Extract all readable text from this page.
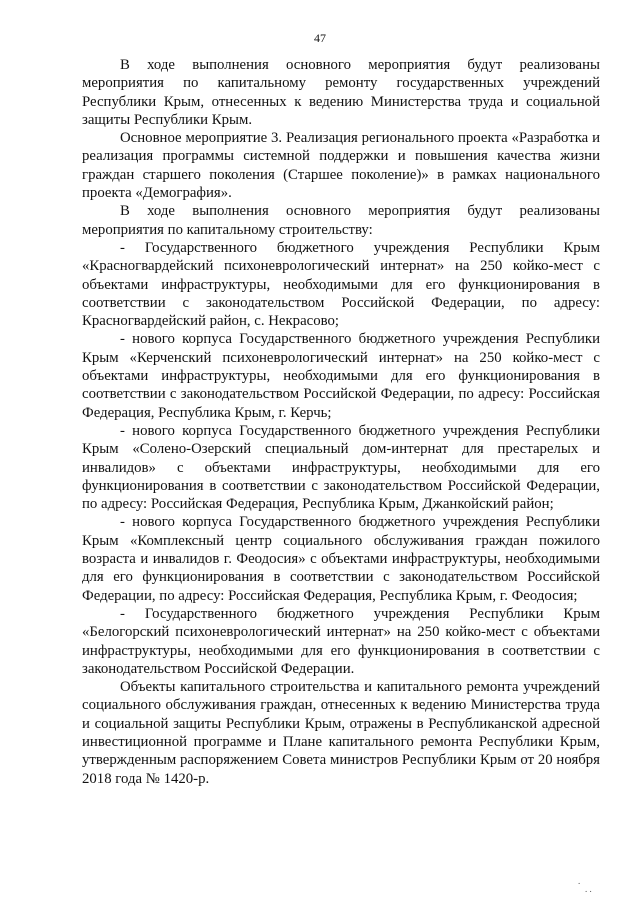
47

В ходе выполнения основного мероприятия будут реализованы мероприятия по капитальному ремонту государственных учреждений Республики Крым, отнесенных к ведению Министерства труда и социальной защиты Республики Крым.

Основное мероприятие 3. Реализация регионального проекта «Разработка и реализация программы системной поддержки и повышения качества жизни граждан старшего поколения (Старшее поколение)» в рамках национального проекта «Демография».

В ходе выполнения основного мероприятия будут реализованы мероприятия по капитальному строительству:

- Государственного бюджетного учреждения Республики Крым «Красногвардейский психоневрологический интернат» на 250 койко-мест с объектами инфраструктуры, необходимыми для его функционирования в соответствии с законодательством Российской Федерации, по адресу: Красногвардейский район, с. Некрасово;

- нового корпуса Государственного бюджетного учреждения Республики Крым «Керченский психоневрологический интернат» на 250 койко-мест с объектами инфраструктуры, необходимыми для его функционирования в соответствии с законодательством Российской Федерации, по адресу: Российская Федерация, Республика Крым, г. Керчь;

- нового корпуса Государственного бюджетного учреждения Республики Крым «Солено-Озерский специальный дом-интернат для престарелых и инвалидов» с объектами инфраструктуры, необходимыми для его функционирования в соответствии с законодательством Российской Федерации, по адресу: Российская Федерация, Республика Крым, Джанкойский район;

- нового корпуса Государственного бюджетного учреждения Республики Крым «Комплексный центр социального обслуживания граждан пожилого возраста и инвалидов г. Феодосия» с объектами инфраструктуры, необходимыми для его функционирования в соответствии с законодательством Российской Федерации, по адресу: Российская Федерация, Республика Крым, г. Феодосия;

- Государственного бюджетного учреждения Республики Крым «Белогорский психоневрологический интернат» на 250 койко-мест с объектами инфраструктуры, необходимыми для его функционирования в соответствии с законодательством Российской Федерации.

Объекты капитального строительства и капитального ремонта учреждений социального обслуживания граждан, отнесенных к ведению Министерства труда и социальной защиты Республики Крым, отражены в Республиканской адресной инвестиционной программе и Плане капитального ремонта Республики Крым, утвержденным распоряжением Совета министров Республики Крым от 20 ноября 2018 года № 1420-р.

.
. .
